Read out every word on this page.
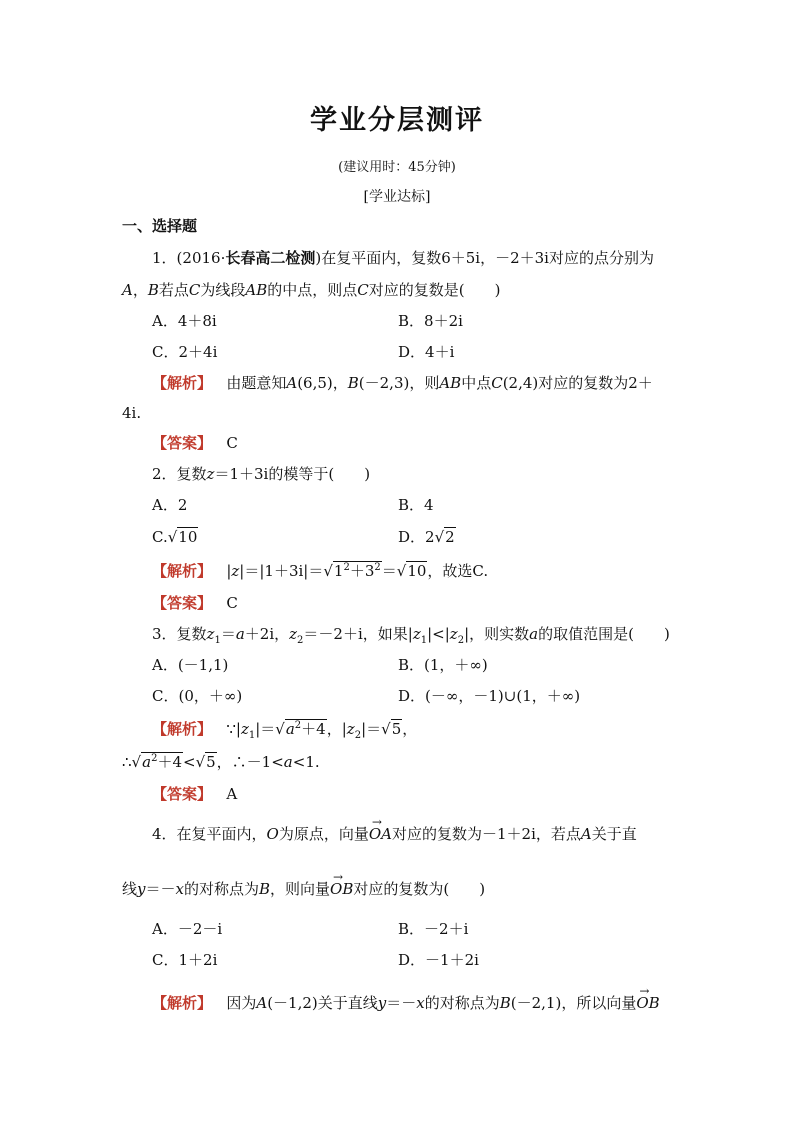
学业分层测评
(建议用时：45分钟)
[学业达标]
一、选择题
1．(2016·长春高二检测)在复平面内，复数6＋5i，－2＋3i对应的点分别为
A，B若点C为线段AB的中点，则点C对应的复数是(　　)
A．4＋8i	B．8＋2i
C．2＋4i	D．4＋i
【解析】 由题意知A(6,5)，B(－2,3)，则AB中点C(2,4)对应的复数为2＋
4i.
【答案】 C
2．复数z＝1＋3i的模等于(　　)
A．2	B．4
C.√10	D．2√2
【解析】 $|z|=|1+3i|=√1^2+3^2=√10$，故选C.
【答案】 C
3．复数$z_1=a+2i$，$z_2=-2+i$，如果$|z_1|<|z_2|$，则实数a的取值范围是(　　)
A．(－1,1)	B．(1，＋∞)
C．(0，＋∞)	D．(－∞，－1)∪(1，＋∞)
【解析】 $\because|z_1|=√a^2+4$，$|z_2|=√5$，
$\therefore√a^2+4<√5$，∴－1<a<1.
【答案】 A
4．在复平面内，O为原点，向量→ OA对应的复数为－1＋2i，若点A关于直
线y＝－x的对称点为B，则向量→ OB对应的复数为(　　)
A．－2－i	B．－2＋i
C．1＋2i	D．－1＋2i
【解析】 因为A(－1,2)关于直线y＝－x的对称点为B(－2,1)，所以向量→ OB
